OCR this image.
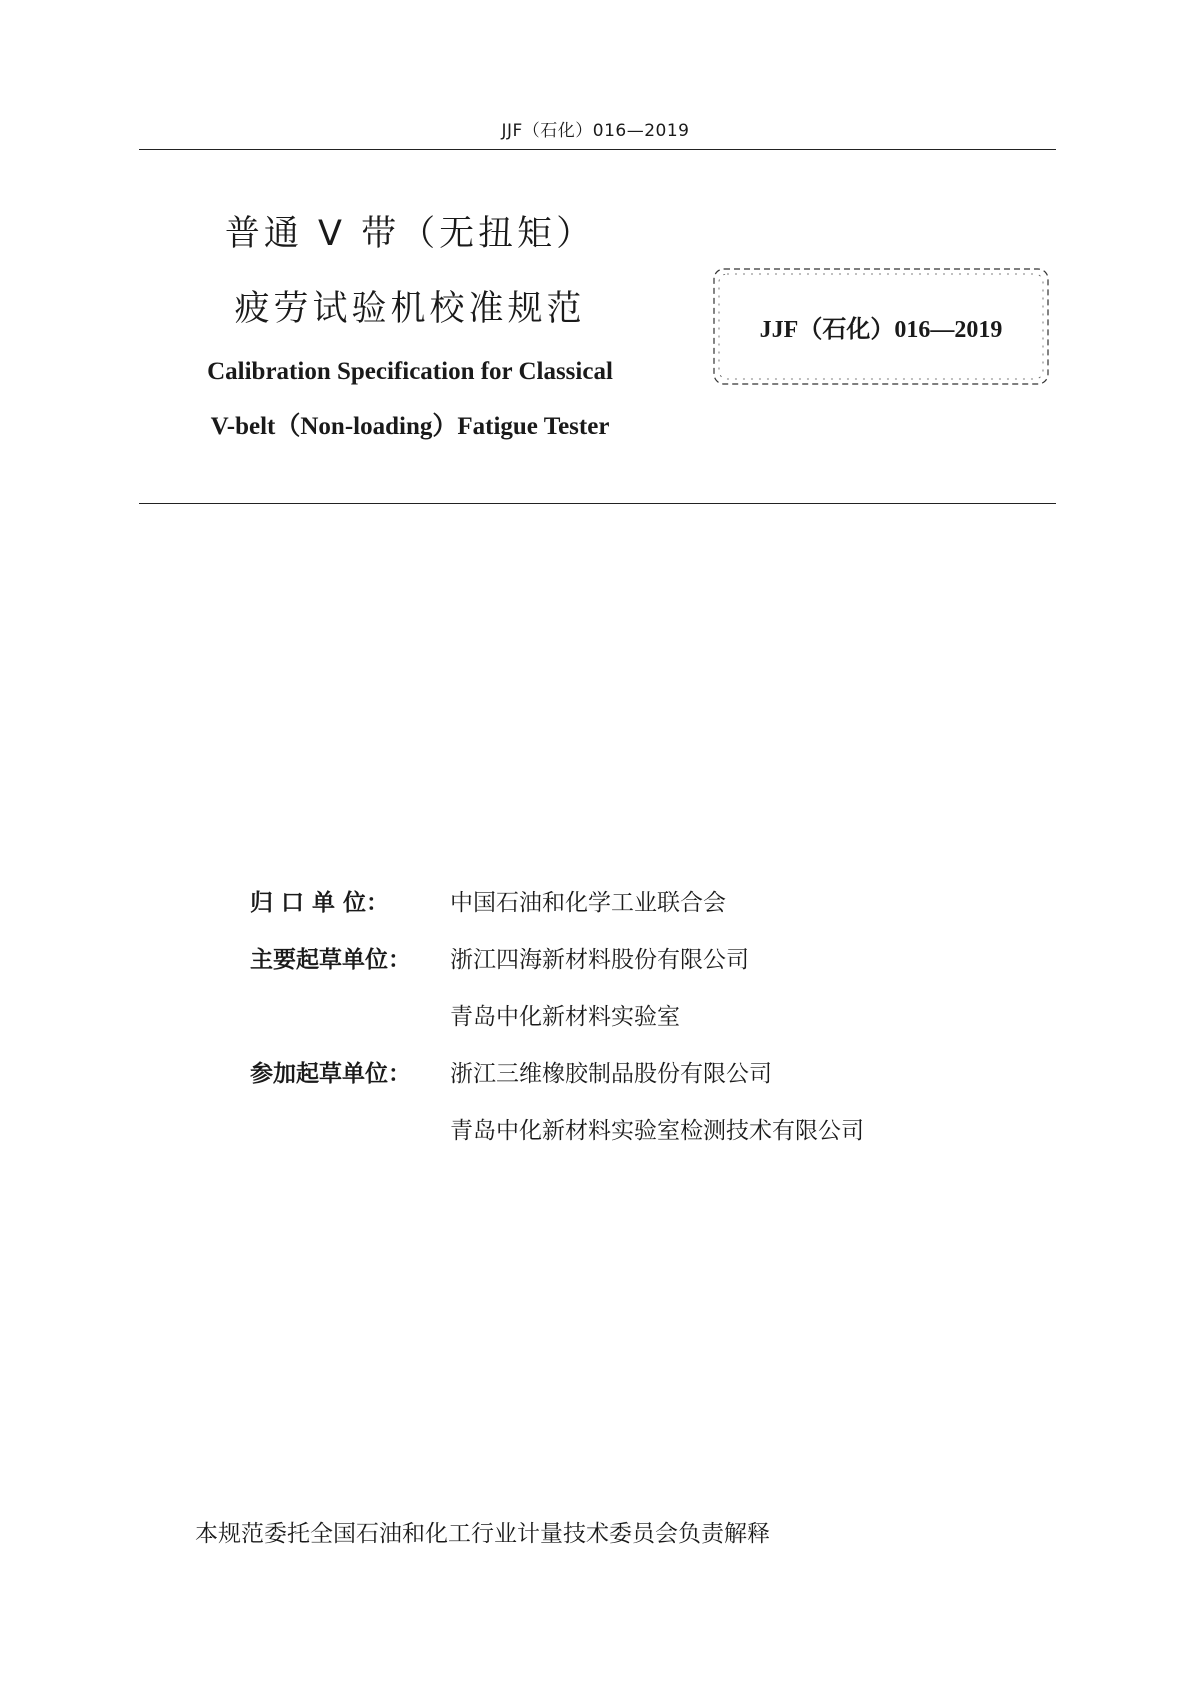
JJF（石化）016—2019
普通 V 带（无扭矩）
疲劳试验机校准规范
Calibration Specification for Classical
V-belt（Non-loading）Fatigue Tester
JJF（石化）016—2019
归 口 单 位：	中国石油和化学工业联合会
主要起草单位：	浙江四海新材料股份有限公司
青岛中化新材料实验室
参加起草单位：	浙江三维橡胶制品股份有限公司
青岛中化新材料实验室检测技术有限公司
本规范委托全国石油和化工行业计量技术委员会负责解释
